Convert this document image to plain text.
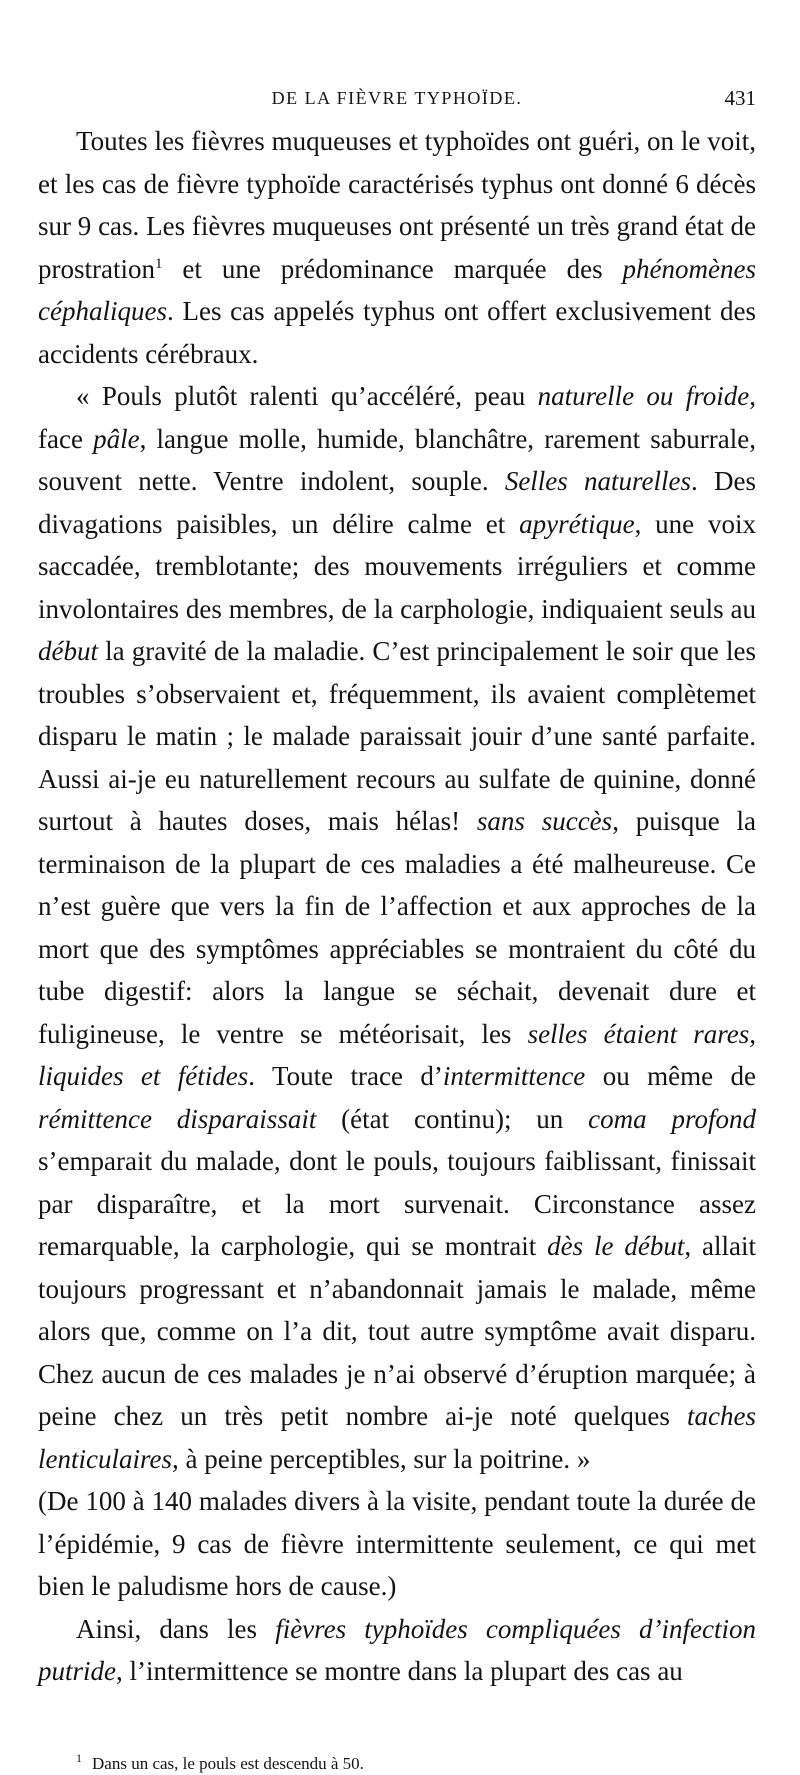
DE LA FIÈVRE TYPHOÏDE.	431

Toutes les fièvres muqueuses et typhoïdes ont guéri, on le voit, et les cas de fièvre typhoïde caractérisés typhus ont donné 6 décès sur 9 cas. Les fièvres muqueuses ont présenté un très grand état de prostration$^1$ et une prédominance marquée des phénomènes céphaliques. Les cas appelés typhus ont offert exclusivement des accidents cérébraux.

« Pouls plutôt ralenti qu’accéléré, peau naturelle ou froide, face pâle, langue molle, humide, blanchâtre, rarement saburrale, souvent nette. Ventre indolent, souple. Selles naturelles. Des divagations paisibles, un délire calme et apyrétique, une voix saccadée, tremblotante; des mouvements irréguliers et comme involontaires des membres, de la carphologie, indiquaient seuls au début la gravité de la maladie. C’est principalement le soir que les troubles s’observaient et, fréquemment, ils avaient complètemet disparu le matin ; le malade paraissait jouir d’une santé parfaite. Aussi ai-je eu naturellement recours au sulfate de quinine, donné surtout à hautes doses, mais hélas! sans succès, puisque la terminaison de la plupart de ces maladies a été malheureuse. Ce n’est guère que vers la fin de l’affection et aux approches de la mort que des symptômes appréciables se montraient du côté du tube digestif: alors la langue se séchait, devenait dure et fuligineuse, le ventre se météorisait, les selles étaient rares, liquides et fétides. Toute trace d’intermittence ou même de rémittence disparaissait (état continu); un coma profond s’emparait du malade, dont le pouls, toujours faiblissant, finissait par disparaître, et la mort survenait. Circonstance assez remarquable, la carphologie, qui se montrait dès le début, allait toujours progressant et n’abandonnait jamais le malade, même alors que, comme on l’a dit, tout autre symptôme avait disparu. Chez aucun de ces malades je n’ai observé d’éruption marquée; à peine chez un très petit nombre ai-je noté quelques taches lenticulaires, à peine perceptibles, sur la poitrine. »

(De 100 à 140 malades divers à la visite, pendant toute la durée de l’épidémie, 9 cas de fièvre intermittente seulement, ce qui met bien le paludisme hors de cause.)

Ainsi, dans les fièvres typhoïdes compliquées d’infection putride, l’intermittence se montre dans la plupart des cas au

$^1$ Dans un cas, le pouls est descendu à 50.
